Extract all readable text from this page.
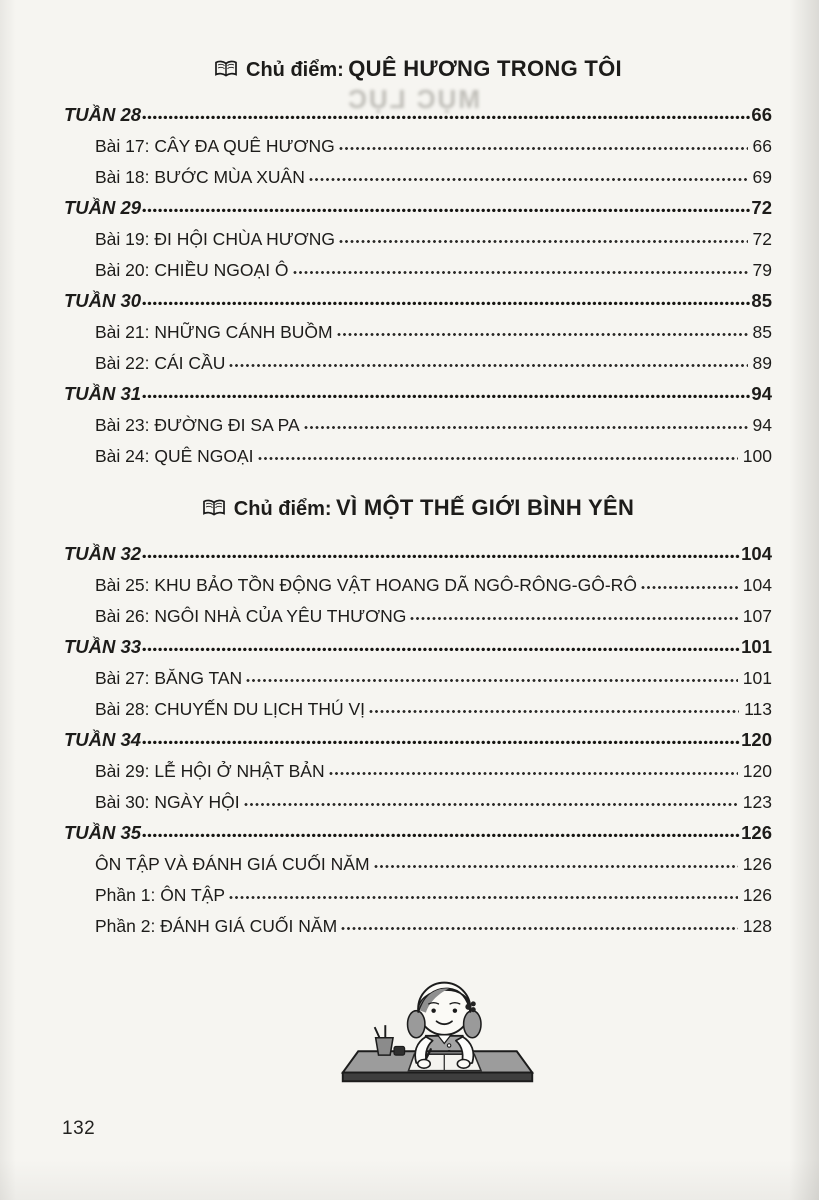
MỤC LỤC
Chủ điểm: QUÊ HƯƠNG TRONG TÔI
TUẦN 28	66
Bài 17: CÂY ĐA QUÊ HƯƠNG	66
Bài 18: BƯỚC MÙA XUÂN	69
TUẦN 29	72
Bài 19: ĐI HỘI CHÙA HƯƠNG	72
Bài 20: CHIỀU NGOẠI Ô	79
TUẦN 30	85
Bài 21: NHỮNG CÁNH BUỒM	85
Bài 22: CÁI CẦU	89
TUẦN 31	94
Bài 23: ĐƯỜNG ĐI SA PA	94
Bài 24: QUÊ NGOẠI	100
Chủ điểm: VÌ MỘT THẾ GIỚI BÌNH YÊN
TUẦN 32	104
Bài 25: KHU BẢO TỒN ĐỘNG VẬT HOANG DÃ NGÔ-RÔNG-GÔ-RÔ	104
Bài 26: NGÔI NHÀ CỦA YÊU THƯƠNG	107
TUẦN 33	101
Bài 27: BĂNG TAN	101
Bài 28: CHUYẾN DU LỊCH THÚ VỊ	113
TUẦN 34	120
Bài 29: LỄ HỘI Ở NHẬT BẢN	120
Bài 30: NGÀY HỘI	123
TUẦN 35	126
ÔN TẬP VÀ ĐÁNH GIÁ CUỐI NĂM	126
Phần 1: ÔN TẬP	126
Phần 2: ĐÁNH GIÁ CUỐI NĂM	128
132
